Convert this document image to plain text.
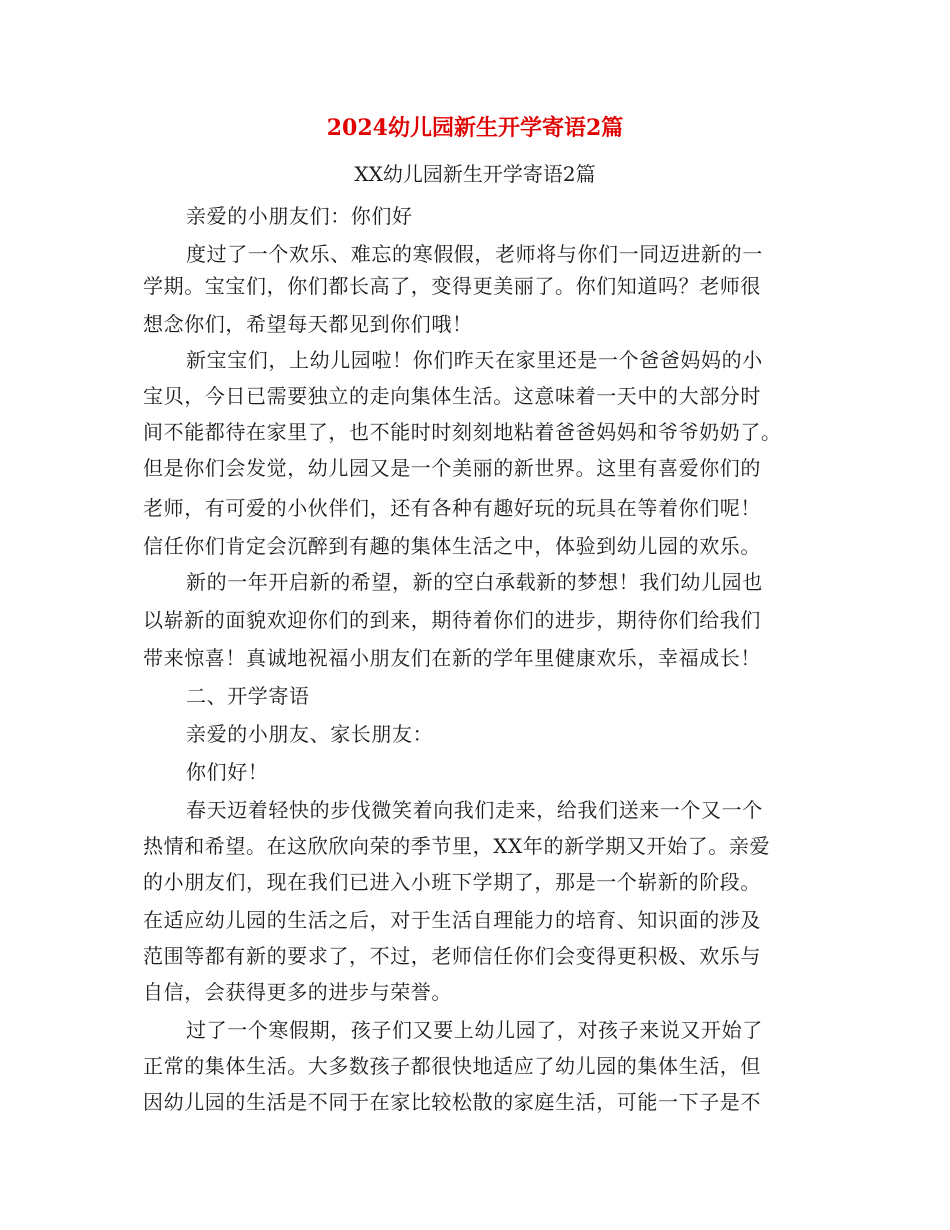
2024幼儿园新生开学寄语2篇
XX幼儿园新生开学寄语2篇
亲爱的小朋友们：你们好
度过了一个欢乐、难忘的寒假假，老师将与你们一同迈进新的一
学期。宝宝们，你们都长高了，变得更美丽了。你们知道吗？老师很
想念你们，希望每天都见到你们哦！
新宝宝们，上幼儿园啦！你们昨天在家里还是一个爸爸妈妈的小
宝贝，今日已需要独立的走向集体生活。这意味着一天中的大部分时
间不能都待在家里了，也不能时时刻刻地粘着爸爸妈妈和爷爷奶奶了。
但是你们会发觉，幼儿园又是一个美丽的新世界。这里有喜爱你们的
老师，有可爱的小伙伴们，还有各种有趣好玩的玩具在等着你们呢！
信任你们肯定会沉醉到有趣的集体生活之中，体验到幼儿园的欢乐。
新的一年开启新的希望，新的空白承载新的梦想！我们幼儿园也
以崭新的面貌欢迎你们的到来，期待着你们的进步，期待你们给我们
带来惊喜！真诚地祝福小朋友们在新的学年里健康欢乐，幸福成长！
二、开学寄语
亲爱的小朋友、家长朋友：
你们好！
春天迈着轻快的步伐微笑着向我们走来，给我们送来一个又一个
热情和希望。在这欣欣向荣的季节里，XX年的新学期又开始了。亲爱
的小朋友们，现在我们已进入小班下学期了，那是一个崭新的阶段。
在适应幼儿园的生活之后，对于生活自理能力的培育、知识面的涉及
范围等都有新的要求了，不过，老师信任你们会变得更积极、欢乐与
自信，会获得更多的进步与荣誉。
过了一个寒假期，孩子们又要上幼儿园了，对孩子来说又开始了
正常的集体生活。大多数孩子都很快地适应了幼儿园的集体生活，但
因幼儿园的生活是不同于在家比较松散的家庭生活，可能一下子是不
